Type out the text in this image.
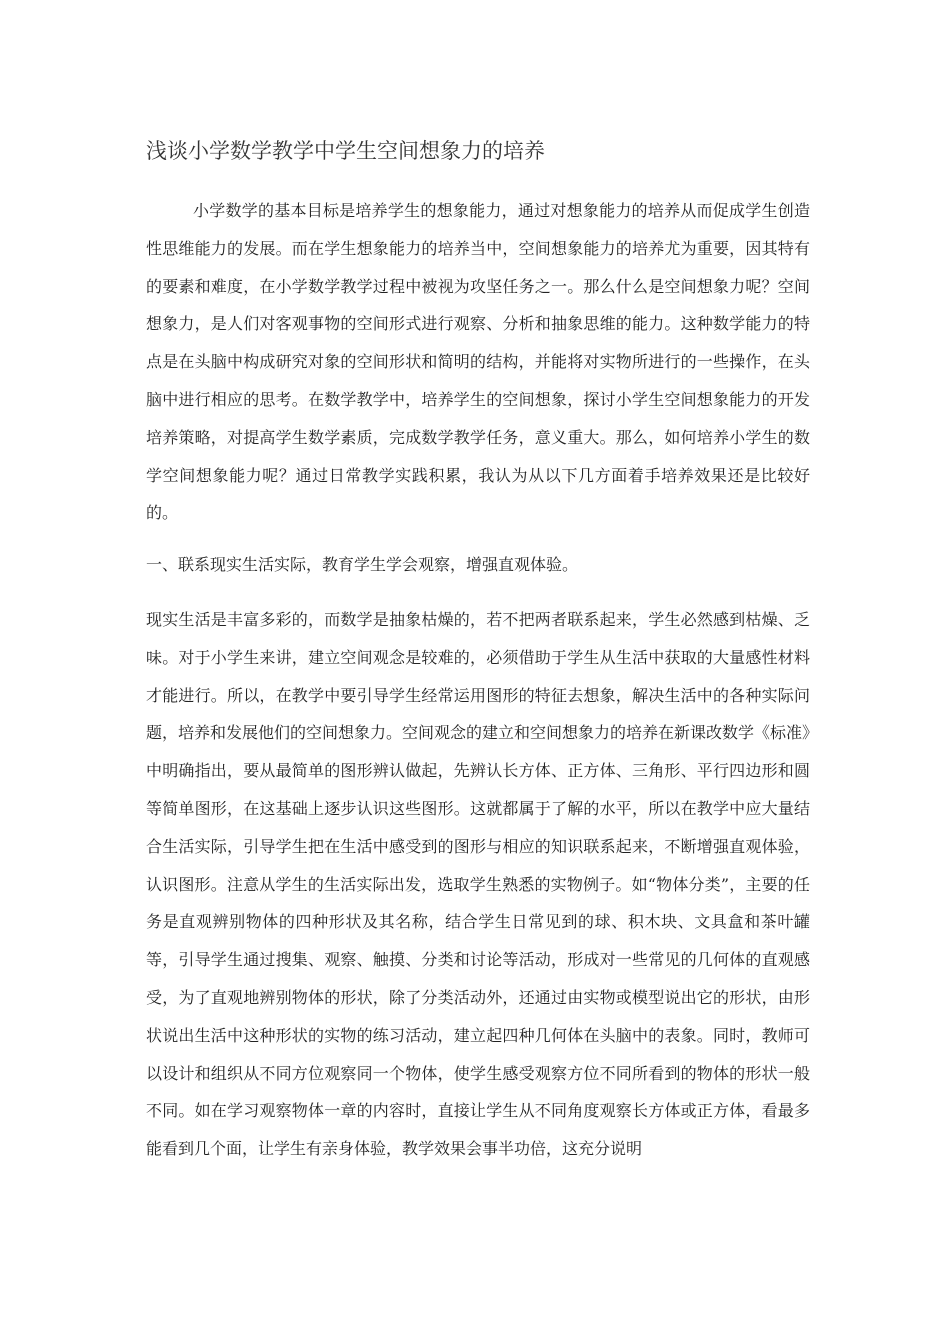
浅谈小学数学教学中学生空间想象力的培养

小学数学的基本目标是培养学生的想象能力，通过对想象能力的培养从而促成学生创造性思维能力的发展。而在学生想象能力的培养当中，空间想象能力的培养尤为重要，因其特有的要素和难度，在小学数学教学过程中被视为攻坚任务之一。那么什么是空间想象力呢？空间想象力，是人们对客观事物的空间形式进行观察、分析和抽象思维的能力。这种数学能力的特点是在头脑中构成研究对象的空间形状和简明的结构，并能将对实物所进行的一些操作，在头脑中进行相应的思考。在数学教学中，培养学生的空间想象，探讨小学生空间想象能力的开发培养策略，对提高学生数学素质，完成数学教学任务，意义重大。那么，如何培养小学生的数学空间想象能力呢？通过日常教学实践积累，我认为从以下几方面着手培养效果还是比较好的。

一、联系现实生活实际，教育学生学会观察，增强直观体验。

现实生活是丰富多彩的，而数学是抽象枯燥的，若不把两者联系起来，学生必然感到枯燥、乏味。对于小学生来讲，建立空间观念是较难的，必须借助于学生从生活中获取的大量感性材料才能进行。所以，在教学中要引导学生经常运用图形的特征去想象，解决生活中的各种实际问题，培养和发展他们的空间想象力。空间观念的建立和空间想象力的培养在新课改数学《标准》中明确指出，要从最简单的图形辨认做起，先辨认长方体、正方体、三角形、平行四边形和圆等简单图形，在这基础上逐步认识这些图形。这就都属于了解的水平，所以在教学中应大量结合生活实际，引导学生把在生活中感受到的图形与相应的知识联系起来，不断增强直观体验，认识图形。注意从学生的生活实际出发，选取学生熟悉的实物例子。如“物体分类”，主要的任务是直观辨别物体的四种形状及其名称，结合学生日常见到的球、积木块、文具盒和茶叶罐等，引导学生通过搜集、观察、触摸、分类和讨论等活动，形成对一些常见的几何体的直观感受，为了直观地辨别物体的形状，除了分类活动外，还通过由实物或模型说出它的形状，由形状说出生活中这种形状的实物的练习活动，建立起四种几何体在头脑中的表象。同时，教师可以设计和组织从不同方位观察同一个物体，使学生感受观察方位不同所看到的物体的形状一般不同。如在学习观察物体一章的内容时，直接让学生从不同角度观察长方体或正方体，看最多能看到几个面，让学生有亲身体验，教学效果会事半功倍，这充分说明
